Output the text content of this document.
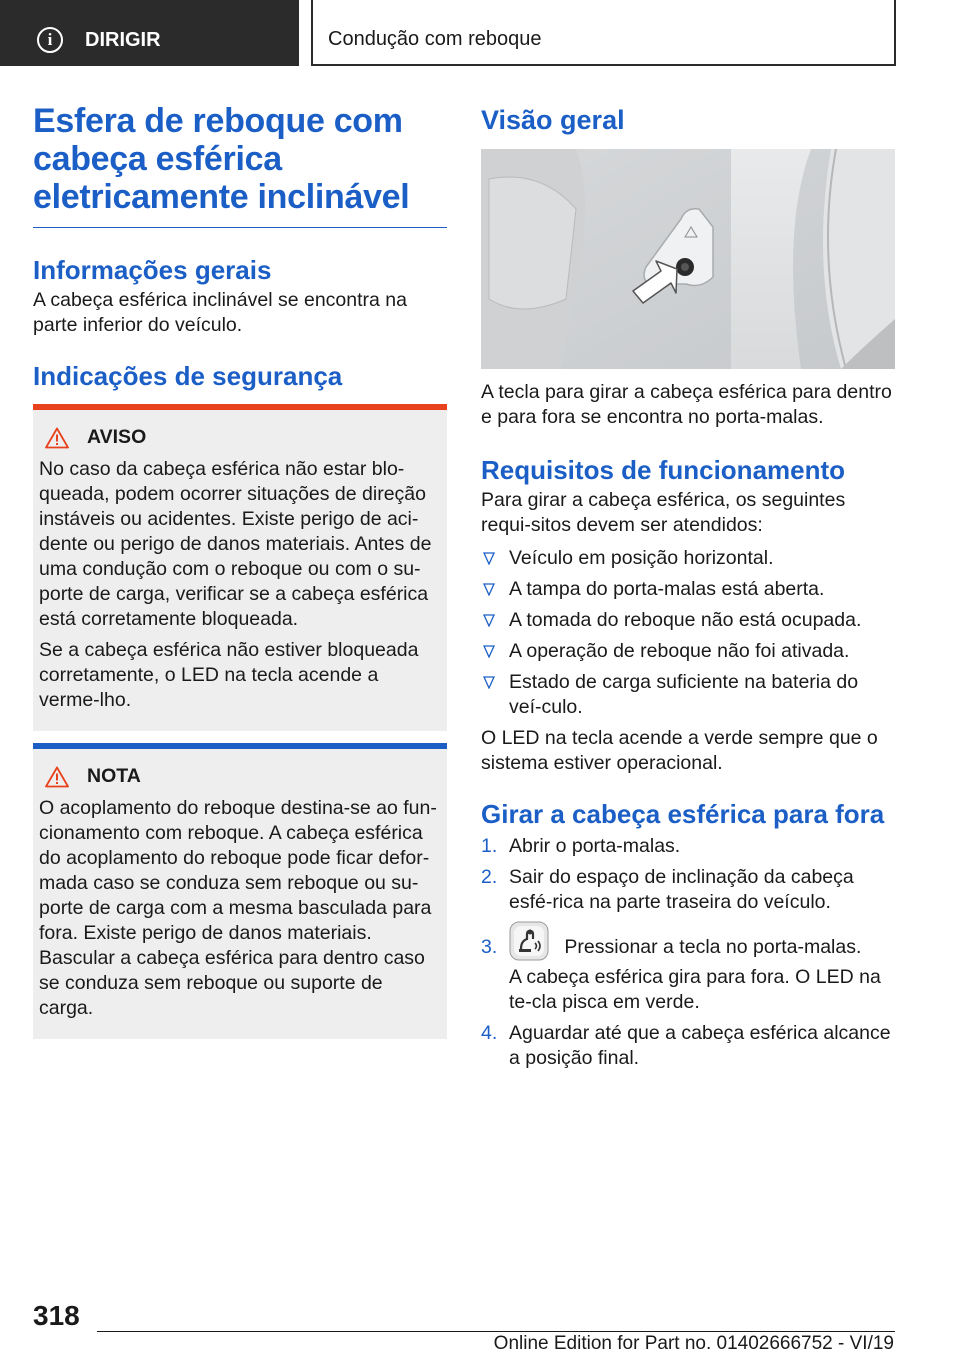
i	DIRIGIR	Condução com reboque
Esfera de reboque com
cabeça esférica
eletricamente inclinável
Informações gerais

A cabeça esférica inclinável se encontra na parte inferior do veículo.

Indicações de segurança
AVISO

No caso da cabeça esférica não estar blo-queada, podem ocorrer situações de direção instáveis ou acidentes. Existe perigo de aci-dente ou perigo de danos materiais. Antes de uma condução com o reboque ou com o su-porte de carga, verificar se a cabeça esférica está corretamente bloqueada.

Se a cabeça esférica não estiver bloqueada corretamente, o LED na tecla acende a verme-lho.

NOTA

O acoplamento do reboque destina-se ao fun-cionamento com reboque. A cabeça esférica do acoplamento do reboque pode ficar defor-mada caso se conduza sem reboque ou su-porte de carga com a mesma basculada para fora. Existe perigo de danos materiais. Bascular a cabeça esférica para dentro caso se conduza sem reboque ou suporte de carga.

Visão geral

A tecla para girar a cabeça esférica para dentro e para fora se encontra no porta-malas.

Requisitos de funcionamento

Para girar a cabeça esférica, os seguintes requi-sitos devem ser atendidos:

Veículo em posição horizontal.
A tampa do porta-malas está aberta.
A tomada do reboque não está ocupada.
A operação de reboque não foi ativada.
Estado de carga suficiente na bateria do veí-culo.

O LED na tecla acende a verde sempre que o sistema estiver operacional.

Girar a cabeça esférica para fora
1. Abrir o porta-malas.
2. Sair do espaço de inclinação da cabeça esfé-rica na parte traseira do veículo.
3.	Pressionar a tecla no porta-malas.
A cabeça esférica gira para fora. O LED na te-cla pisca em verde.
4. Aguardar até que a cabeça esférica alcance a posição final.
318
Online Edition for Part no. 01402666752 - VI/19
